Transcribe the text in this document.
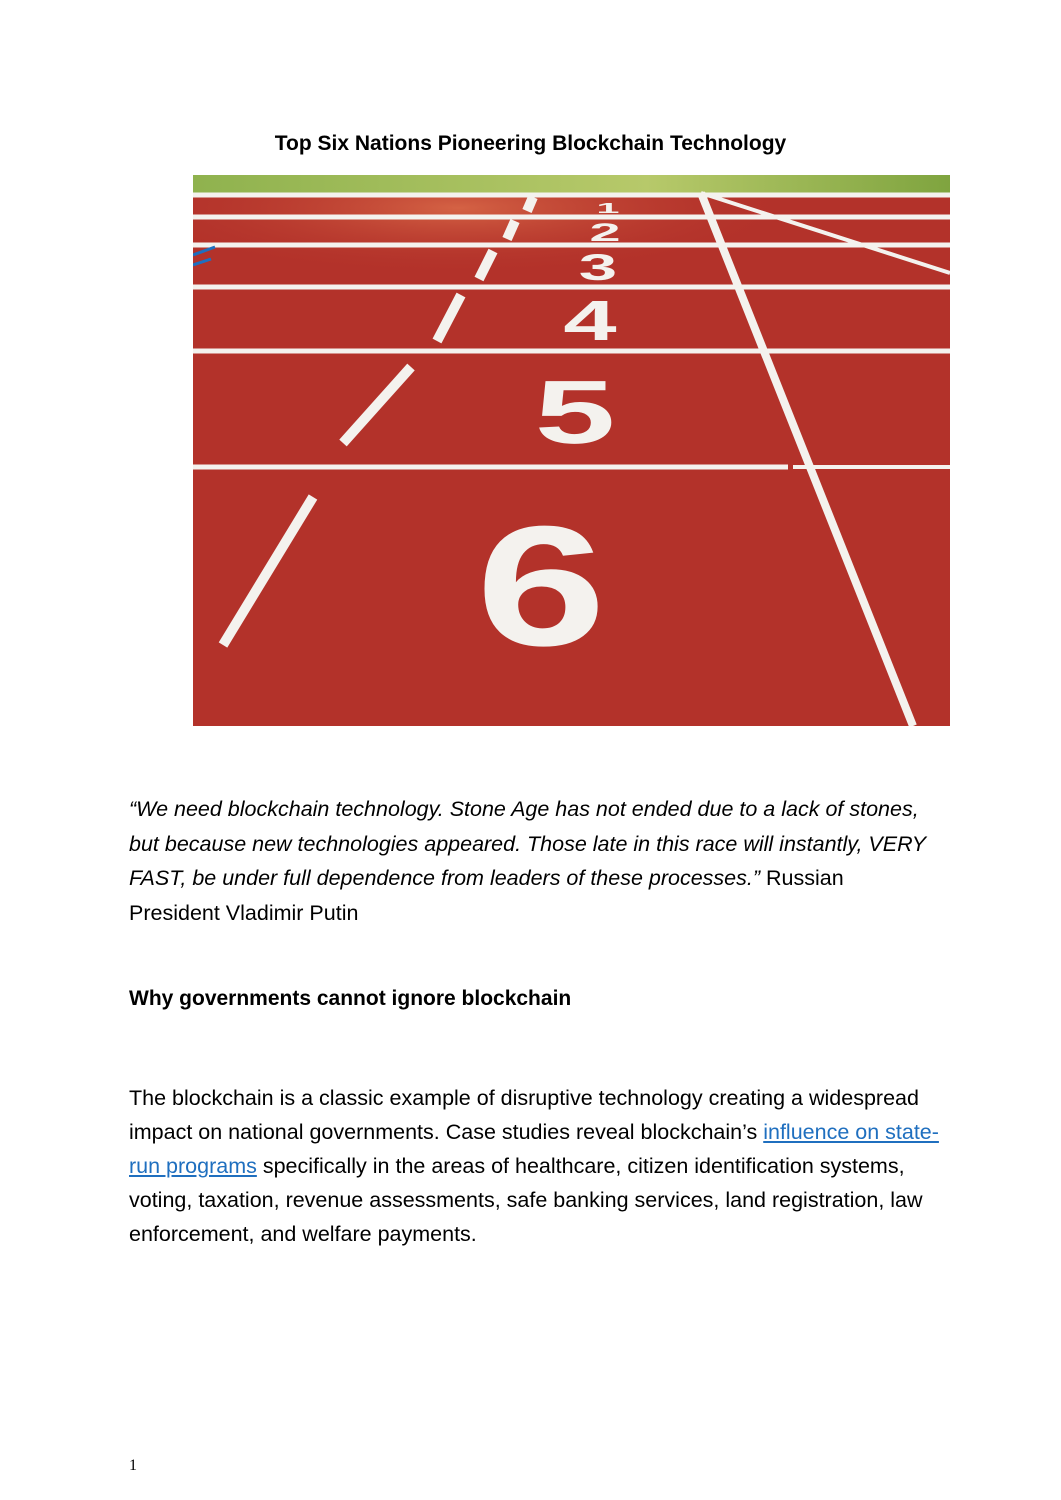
Top Six Nations Pioneering Blockchain Technology
1
2
3
4
5
6
“We need blockchain technology. Stone Age has not ended due to a lack of stones, but because new technologies appeared. Those late in this race will instantly, VERY FAST, be under full dependence from leaders of these processes.” Russian President Vladimir Putin
Why governments cannot ignore blockchain
The blockchain is a classic example of disruptive technology creating a widespread impact on national governments. Case studies reveal blockchain’s influence on state-run programs specifically in the areas of healthcare, citizen identification systems, voting, taxation, revenue assessments, safe banking services, land registration, law enforcement, and welfare payments.
1
